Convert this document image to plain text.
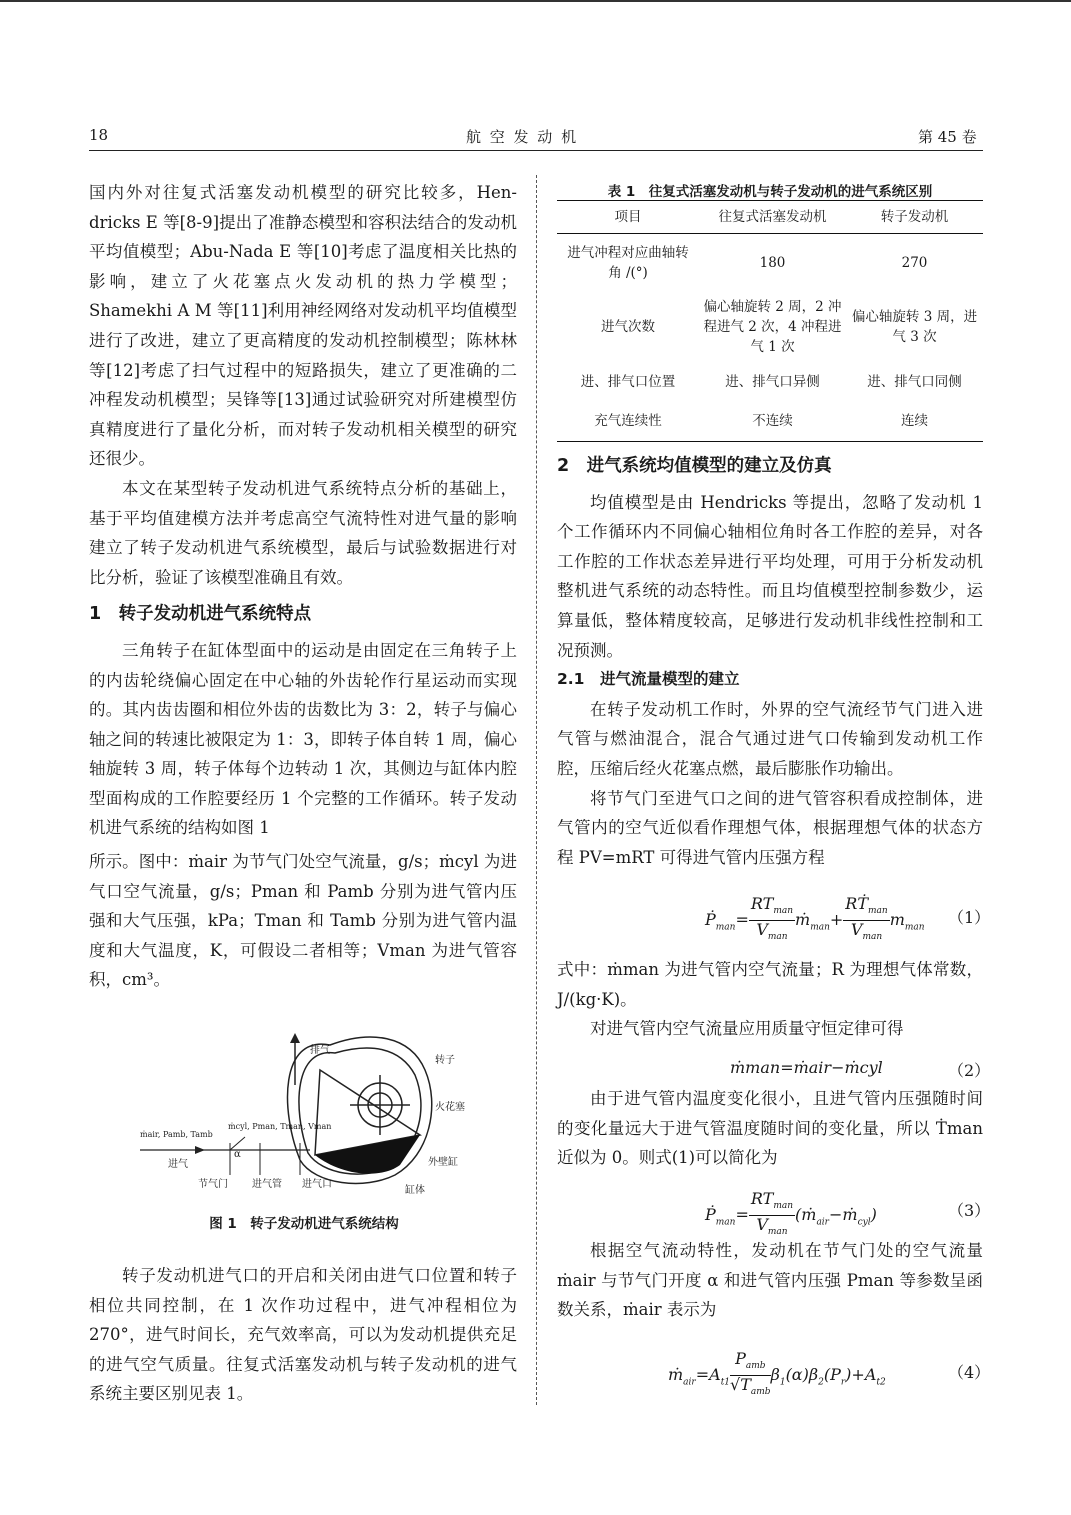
18	航 空 发 动 机	第 45 卷

国内外对往复式活塞发动机模型的研究比较多，Hen-dricks E 等[8-9]提出了准静态模型和容积法结合的发动机平均值模型；Abu-Nada E 等[10]考虑了温度相关比热的影响，建立了火花塞点火发动机的热力学模型；Shamekhi A M 等[11]利用神经网络对发动机平均值模型进行了改进，建立了更高精度的发动机控制模型；陈林林等[12]考虑了扫气过程中的短路损失，建立了更准确的二冲程发动机模型；吴锋等[13]通过试验研究对所建模型仿真精度进行了量化分析，而对转子发动机相关模型的研究还很少。

本文在某型转子发动机进气系统特点分析的基础上，基于平均值建模方法并考虑高空气流特性对进气量的影响建立了转子发动机进气系统模型，最后与试验数据进行对比分析，验证了该模型准确且有效。

1　转子发动机进气系统特点

三角转子在缸体型面中的运动是由固定在三角转子上的内齿轮绕偏心固定在中心轴的外齿轮作行星运动而实现的。其内齿齿圈和相位外齿的齿数比为 3：2，转子与偏心轴之间的转速比被限定为 1：3，即转子体自转 1 周，偏心轴旋转 3 周，转子体每个边转动 1 次，其侧边与缸体内腔型面构成的工作腔要经历 1 个完整的工作循环。转子发动机进气系统的结构如图 1

所示。图中：ṁair 为节气门处空气流量，g/s；ṁcyl 为进气口空气流量，g/s；Pman 和 Pamb 分别为进气管内压强和大气压强，kPa；Tman 和 Tamb 分别为进气管内温度和大气温度，K，可假设二者相等；Vman 为进气管容积，cm³。

排气
转子
火花塞
外壁缸
缸体
进气
节气门 进气管 进气口
α
ṁair, Pamb, Tamb
ṁcyl, Pman, Tman, Vman
图 1　转子发动机进气系统结构

转子发动机进气口的开启和关闭由进气口位置和转子相位共同控制，在 1 次作功过程中，进气冲程相位为 270°，进气时间长，充气效率高，可以为发动机提供充足的进气空气质量。往复式活塞发动机与转子发动机的进气系统主要区别见表 1。

表 1　往复式活塞发动机与转子发动机的进气系统区别
项目	往复式活塞发动机	转子发动机
进气冲程对应曲轴转角 /(°)	180	270
进气次数	偏心轴旋转 2 周，2 冲程进气 2 次，4 冲程进气 1 次	偏心轴旋转 3 周，进气 3 次
进、排气口位置	进、排气口异侧	进、排气口同侧
充气连续性	不连续	连续

2　进气系统均值模型的建立及仿真

均值模型是由 Hendricks 等提出，忽略了发动机 1 个工作循环内不同偏心轴相位角时各工作腔的差异，对各工作腔的工作状态差异进行平均处理，可用于分析发动机整机进气系统的动态特性。而且均值模型控制参数少，运算量低，整体精度较高，足够进行发动机非线性控制和工况预测。

2.1　进气流量模型的建立

在转子发动机工作时，外界的空气流经节气门进入进气管与燃油混合，混合气通过进气口传输到发动机工作腔，压缩后经火花塞点燃，最后膨胀作功输出。

将节气门至进气口之间的进气管容积看成控制体，进气管内的空气近似看作理想气体，根据理想气体的状态方程 PV=mRT 可得进气管内压强方程

Ṗ$_{man}$= $\frac{RT_{man}}{V_{man}}$ ṁ$_{man}$+ $\frac{RṪ_{man}}{V_{man}} m_{man}$
（1）

式中：ṁman 为进气管内空气流量；R 为理想气体常数，J/(kg·K)。

对进气管内空气流量应用质量守恒定律可得

ṁman=ṁair−ṁcyl	（2）

由于进气管内温度变化很小，且进气管内压强随时间的变化量远大于进气管温度随时间的变化量，所以 Ṫman 近似为 0。则式(1)可以简化为

Ṗ$_{man}$= $\frac{RT_{man}}{V_{man}}$ (ṁ$_{air}$−ṁ$_{cyl}$)	（3）

根据空气流动特性，发动机在节气门处的空气流量 ṁair 与节气门开度 α 和进气管内压强 Pman 等参数呈函数关系，ṁair 表示为

$ṁ_{air}=A_{t1} \frac{P_{amb}}{√T_{amb}} \beta_1(\alpha)\beta_2(P_r)+A_{t2}$
（4）
